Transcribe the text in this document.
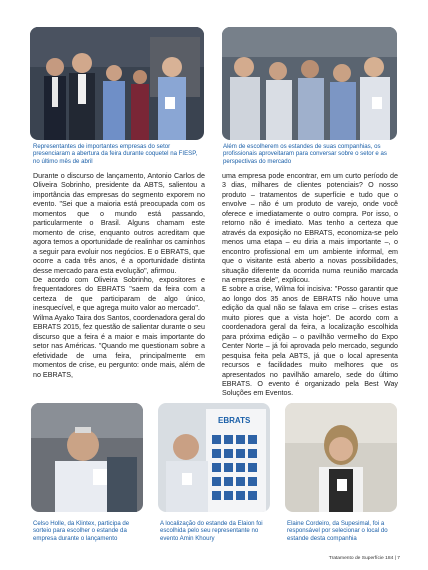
Representantes de importantes empresas do setor presenciaram a abertura da feira durante coquetel na FIESP, no último mês de abril
Além de escolherem os estandes de suas companhias, os profissionais aproveitaram para conversar sobre o setor e as perspectivas do mercado

Durante o discurso de lançamento, Antonio Carlos de Oliveira Sobrinho, presidente da ABTS, salientou a importância das empresas do segmento exporem no evento. "Sei que a maioria está preocupada com os momentos que o mundo está passando, particularmente o Brasil. Alguns chamam este momento de crise, enquanto outros acreditam que agora temos a oportunidade de realinhar os caminhos a seguir para evoluir nos negócios. E o EBRATS, que ocorre a cada três anos, é a oportunidade distinta desse mercado para esta evolução", afirmou.

De acordo com Oliveira Sobrinho, expositores e frequentadores do EBRATS "saem da feira com a certeza de que participaram de algo único, inesquecível, e que agrega muito valor ao mercado".

Wilma Ayako Taira dos Santos, coordenadora geral do EBRATS 2015, fez questão de salientar durante o seu discurso que a feira é a maior e mais importante do setor nas Américas. "Quando me questionam sobre a efetividade de uma feira, principalmente em momentos de crise, eu pergunto: onde mais, além de no EBRATS,

uma empresa pode encontrar, em um curto período de 3 dias, milhares de clientes potenciais? O nosso produto – tratamentos de superfície e tudo que o envolve – não é um produto de varejo, onde você oferece e imediatamente o outro compra. Por isso, o retorno não é imediato. Mas tenho a certeza que através da exposição no EBRATS, economiza-se pelo menos uma etapa – eu diria a mais importante –, o encontro profissional em um ambiente informal, em que o visitante está aberto a novas possibilidades, situação diferente da ocorrida numa reunião marcada na empresa dele", explicou.

E sobre a crise, Wilma foi incisiva: "Posso garantir que ao longo dos 35 anos de EBRATS não houve uma edição da qual não se falava em crise – crises estas muito piores que a vista hoje". De acordo com a coordenadora geral da feira, a localização escolhida para próxima edição – o pavilhão vermelho do Expo Center Norte – já foi aprovada pelo mercado, segundo pesquisa feita pela ABTS, já que o local apresenta recursos e facilidades muito melhores que os apresentados no pavilhão amarelo, sede do último EBRATS. O evento é organizado pela Best Way Soluções em Eventos.

Celso Holle, da Klintex, participa de sorteio para escolher o estande da empresa durante o lançamento
EBRATS
A localização do estande da Elaion foi escolhida pelo seu representante no evento Amin Khoury
Elaine Cordeiro, da Supesimal, foi a responsável por selecionar o local do estande desta companhia
Tratamento de Superfície 184 | 7
